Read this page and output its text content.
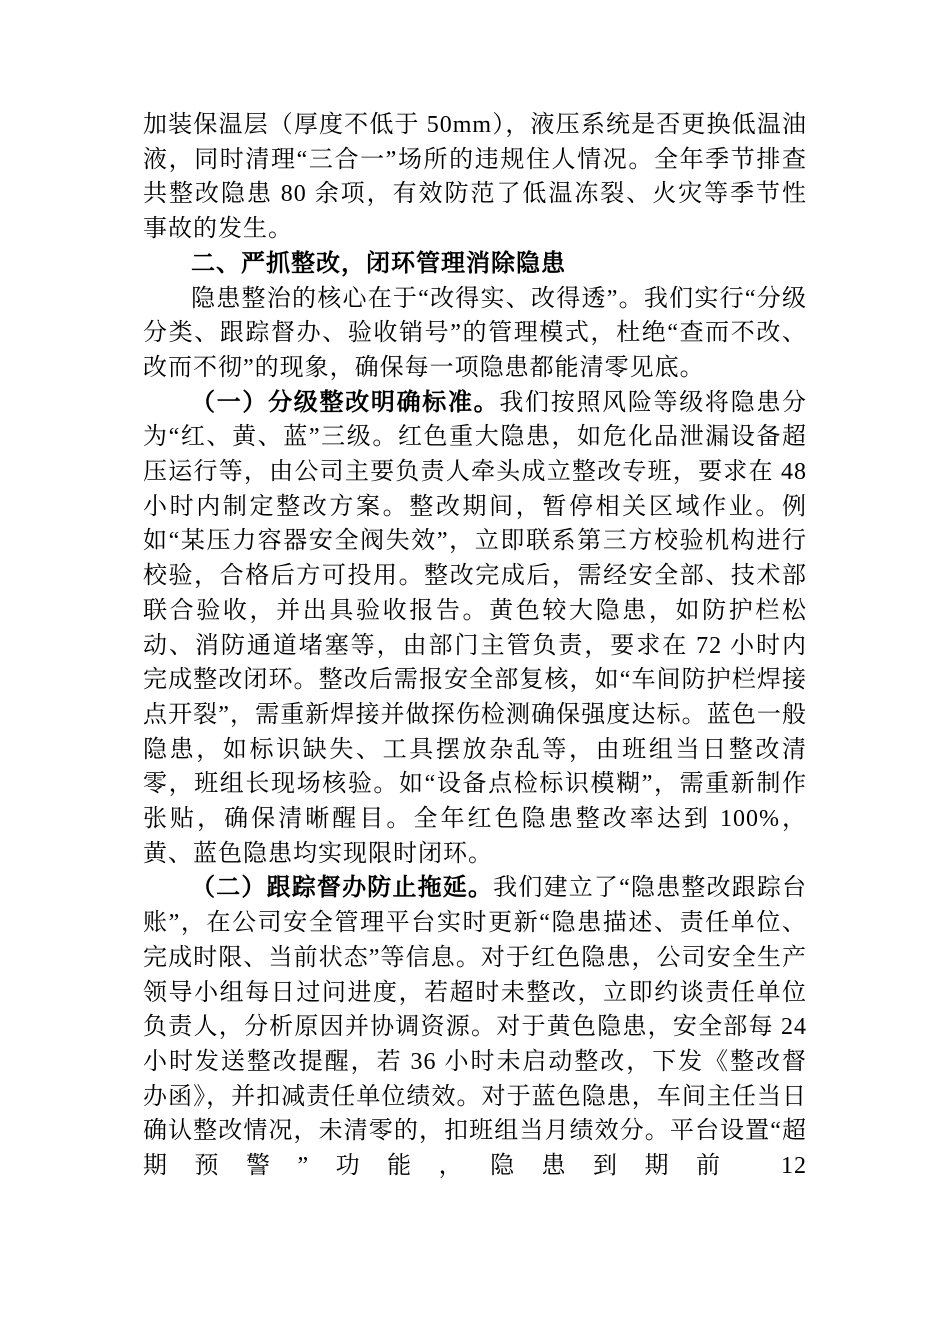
加装保温层（厚度不低于 50mm），液压系统是否更换低温油液，同时清理“三合一”场所的违规住人情况。全年季节排查共整改隐患 80 余项，有效防范了低温冻裂、火灾等季节性事故的发生。

二、严抓整改，闭环管理消除隐患

隐患整治的核心在于“改得实、改得透”。我们实行“分级分类、跟踪督办、验收销号”的管理模式，杜绝“查而不改、改而不彻”的现象，确保每一项隐患都能清零见底。

（一）分级整改明确标准。我们按照风险等级将隐患分为“红、黄、蓝”三级。红色重大隐患，如危化品泄漏设备超压运行等，由公司主要负责人牵头成立整改专班，要求在 48 小时内制定整改方案。整改期间，暂停相关区域作业。例如“某压力容器安全阀失效”，立即联系第三方校验机构进行校验，合格后方可投用。整改完成后，需经安全部、技术部联合验收，并出具验收报告。黄色较大隐患，如防护栏松动、消防通道堵塞等，由部门主管负责，要求在 72 小时内完成整改闭环。整改后需报安全部复核，如“车间防护栏焊接点开裂”，需重新焊接并做探伤检测确保强度达标。蓝色一般隐患，如标识缺失、工具摆放杂乱等，由班组当日整改清零，班组长现场核验。如“设备点检标识模糊”，需重新制作张贴，确保清晰醒目。全年红色隐患整改率达到 100%，黄、蓝色隐患均实现限时闭环。

（二）跟踪督办防止拖延。我们建立了“隐患整改跟踪台账”，在公司安全管理平台实时更新“隐患描述、责任单位、完成时限、当前状态”等信息。对于红色隐患，公司安全生产领导小组每日过问进度，若超时未整改，立即约谈责任单位负责人，分析原因并协调资源。对于黄色隐患，安全部每 24 小时发送整改提醒，若 36 小时未启动整改，下发《整改督办函》，并扣减责任单位绩效。对于蓝色隐患，车间主任当日确认整改情况，未清零的，扣班组当月绩效分。平台设置“超期预警”功能，隐患到期前 12
